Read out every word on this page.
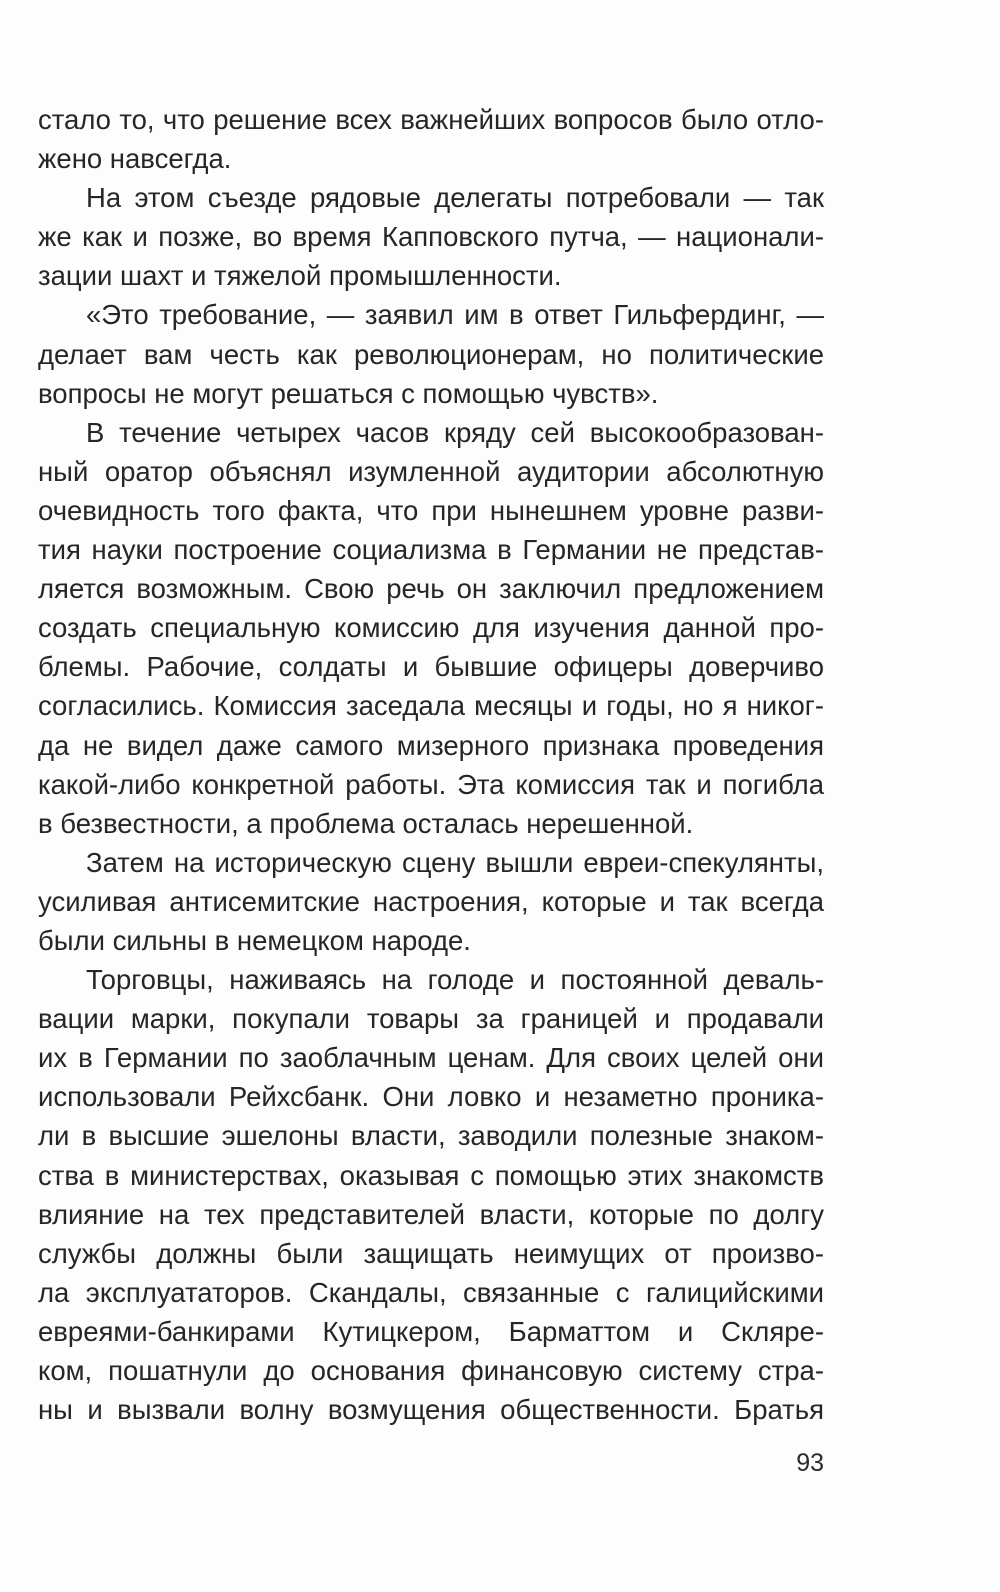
стало то, что решение всех важнейших вопросов было отло-
жено навсегда.
На этом съезде рядовые делегаты потребовали — так
же как и позже, во время Капповского путча, — национали-
зации шахт и тяжелой промышленности.
«Это требование, — заявил им в ответ Гильфердинг, —
делает вам честь как революционерам, но политические
вопросы не могут решаться с помощью чувств».
В течение четырех часов кряду сей высокообразован-
ный оратор объяснял изумленной аудитории абсолютную
очевидность того факта, что при нынешнем уровне разви-
тия науки построение социализма в Германии не представ-
ляется возможным. Свою речь он заключил предложением
создать специальную комиссию для изучения данной про-
блемы. Рабочие, солдаты и бывшие офицеры доверчиво
согласились. Комиссия заседала месяцы и годы, но я никог-
да не видел даже самого мизерного признака проведения
какой-либо конкретной работы. Эта комиссия так и погибла
в безвестности, а проблема осталась нерешенной.
Затем на историческую сцену вышли евреи-спекулянты,
усиливая антисемитские настроения, которые и так всегда
были сильны в немецком народе.
Торговцы, наживаясь на голоде и постоянной деваль-
вации марки, покупали товары за границей и продавали
их в Германии по заоблачным ценам. Для своих целей они
использовали Рейхсбанк. Они ловко и незаметно проника-
ли в высшие эшелоны власти, заводили полезные знаком-
ства в министерствах, оказывая с помощью этих знакомств
влияние на тех представителей власти, которые по долгу
службы должны были защищать неимущих от произво-
ла эксплуататоров. Скандалы, связанные с галицийскими
евреями-банкирами Кутицкером, Барматтом и Скляре-
ком, пошатнули до основания финансовую систему стра-
ны и вызвали волну возмущения общественности. Братья
93
